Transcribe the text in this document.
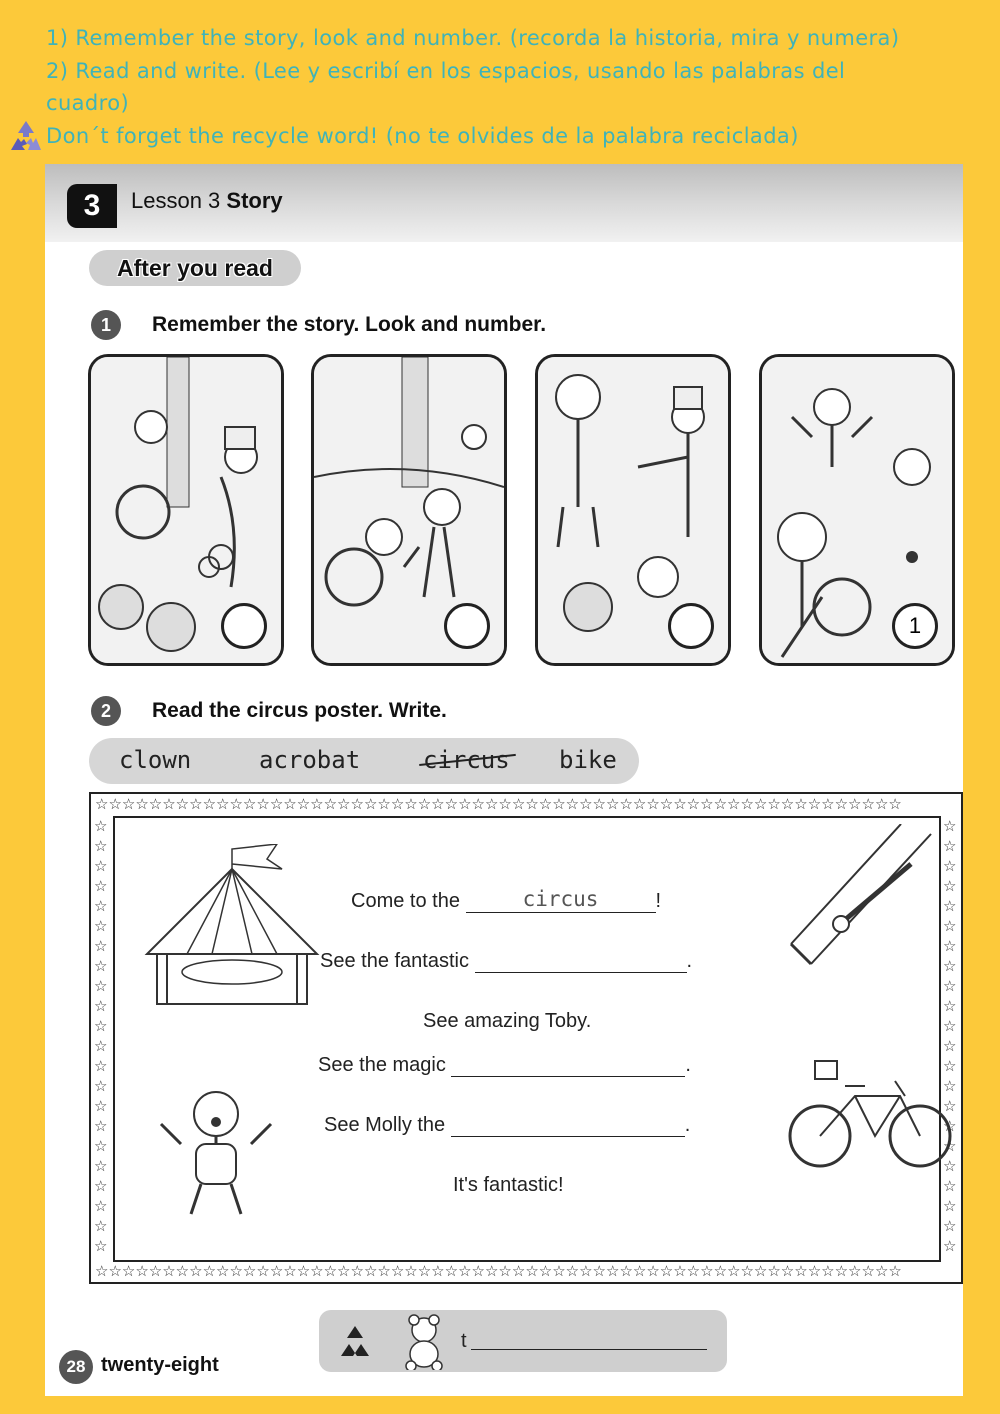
1) Remember the story, look and number. (recorda la historia, mira y numera)
2) Read and write. (Lee y escribí en los espacios, usando las palabras del
cuadro)
Don´t forget the recycle word! (no te olvides de la palabra reciclada)
3	Lesson 3 Story
After you read
1	Remember the story. Look and number.
1
2	Read the circus poster. Write.
clown	acrobat	circus bike
☆☆☆☆☆☆☆☆☆☆☆☆☆☆☆☆☆☆☆☆☆☆☆☆☆☆☆☆☆☆☆☆☆☆☆☆☆☆☆☆☆☆☆☆☆☆☆☆☆☆☆☆☆☆☆☆☆☆☆☆
☆☆☆☆☆☆☆☆☆☆☆☆☆☆☆☆☆☆☆☆☆☆☆☆☆☆☆☆☆☆☆☆☆☆☆☆☆☆☆☆☆☆☆☆☆☆☆☆☆☆☆☆☆☆☆☆☆☆☆☆
☆☆☆☆☆☆☆☆☆☆☆☆☆☆☆☆☆☆☆☆☆☆
☆☆☆☆☆☆☆☆☆☆☆☆☆☆☆☆☆☆☆☆☆☆
Come to the	circus	!
See the fantastic	.
See amazing Toby.
See the magic	.
See Molly the	.
It's fantastic!
t
28 twenty-eight
